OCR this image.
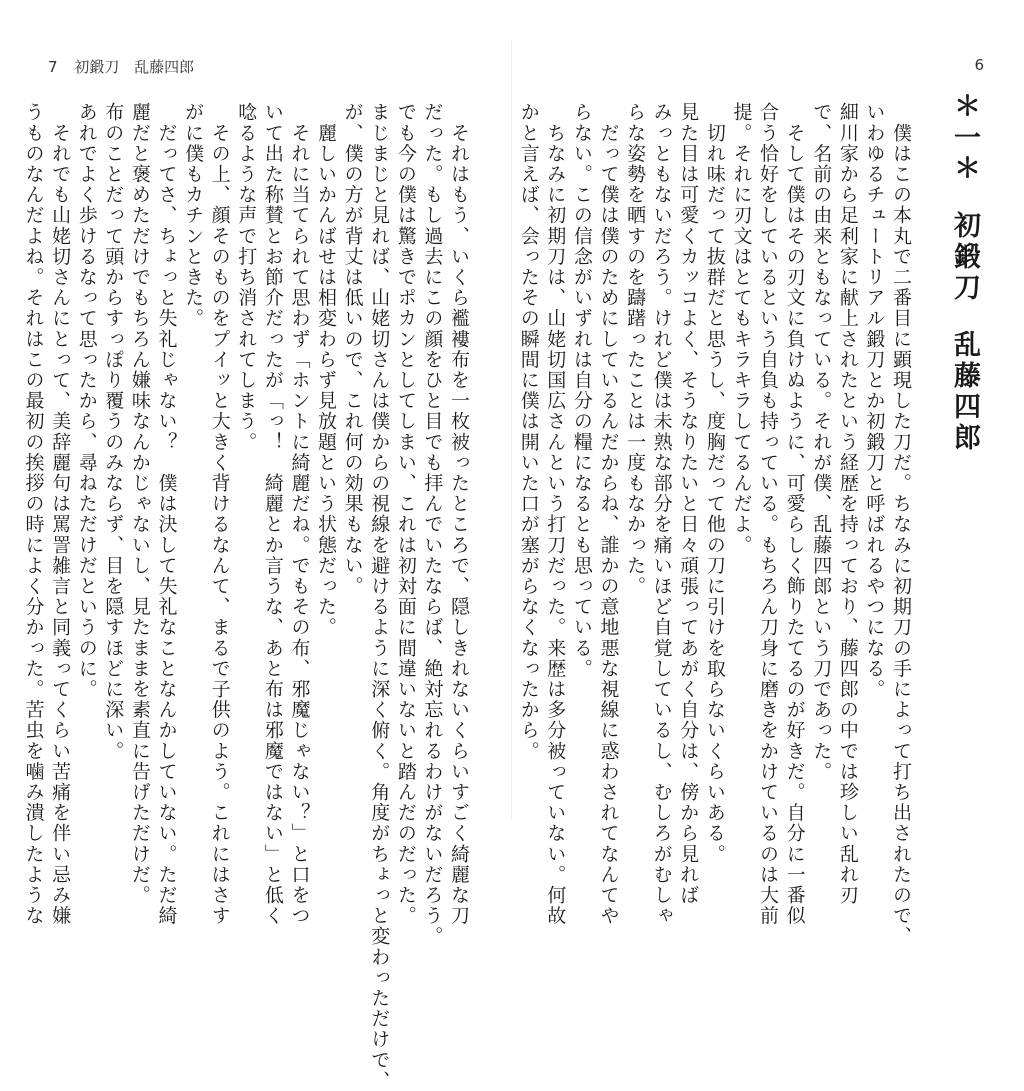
7 初鍛刀 乱藤四郎
　それはもう、いくら襤褸布を一枚被ったところで、隠しきれないくらいすごく綺麗な刀
だった。もし過去にこの顔をひと目でも拝んでいたならば、絶対忘れるわけがないだろう。
でも今の僕は驚きでポカンとしてしまい、これは初対面に間違いないと踏んだのだった。
まじまじと見れば、山姥切さんは僕からの視線を避けるように深く俯く。角度がちょっと変わっただけで、
が、僕の方が背丈は低いので、これ何の効果もない。
　麗しいかんばせは相変わらず見放題という状態だった。
　それに当てられて思わず「ホントに綺麗だね。でもその布、邪魔じゃない？」と口をつ
いて出た称賛とお節介だったが「っ！　綺麗とか言うな、あと布は邪魔ではない」と低く
唸るような声で打ち消されてしまう。
　その上、顔そのものをプイッと大きく背けるなんて、まるで子供のよう。これにはさす
がに僕もカチンときた。
　だってさ、ちょっと失礼じゃない？　僕は決して失礼なことなんかしていない。ただ綺
麗だと褒めただけでもちろん嫌味なんかじゃないし、見たままを素直に告げただけだ。
布のことだって頭からすっぽり覆うのみならず、目を隠すほどに深い。
あれでよく歩けるなって思ったから、尋ねただけだというのに。
　それでも山姥切さんにとって、美辞麗句は罵詈雑言と同義ってくらい苦痛を伴い忌み嫌
うものなんだよね。それはこの最初の挨拶の時によく分かった。苦虫を噛み潰したような
6
＊一＊初鍛刀乱藤四郎
　僕はこの本丸で二番目に顕現した刀だ。ちなみに初期刀の手によって打ち出されたので、
いわゆるチュートリアル鍛刀とか初鍛刀と呼ばれるやつになる。
細川家から足利家に献上されたという経歴を持っており、藤四郎の中では珍しい乱れ刃
で、名前の由来ともなっている。それが僕、乱藤四郎という刀であった。
　そして僕はその刃文に負けぬように、可愛らしく飾りたてるのが好きだ。自分に一番似
合う恰好をしているという自負も持っている。もちろん刀身に磨きをかけているのは大前
提。それに刃文はとてもキラキラしてるんだよ。
　切れ味だって抜群だと思うし、度胸だって他の刀に引けを取らないくらいある。
見た目は可愛くカッコよく、そうなりたいと日々頑張ってあがく自分は、傍から見れば
みっともないだろう。けれど僕は未熟な部分を痛いほど自覚しているし、むしろがむしゃ
らな姿勢を晒すのを躊躇ったことは一度もなかった。
　だって僕は僕のためにしているんだからね、誰かの意地悪な視線に惑わされてなんてや
らない。この信念がいずれは自分の糧になるとも思っている。
　ちなみに初期刀は、山姥切国広さんという打刀だった。来歴は多分被っていない。何故
かと言えば、会ったその瞬間に僕は開いた口が塞がらなくなったから。
